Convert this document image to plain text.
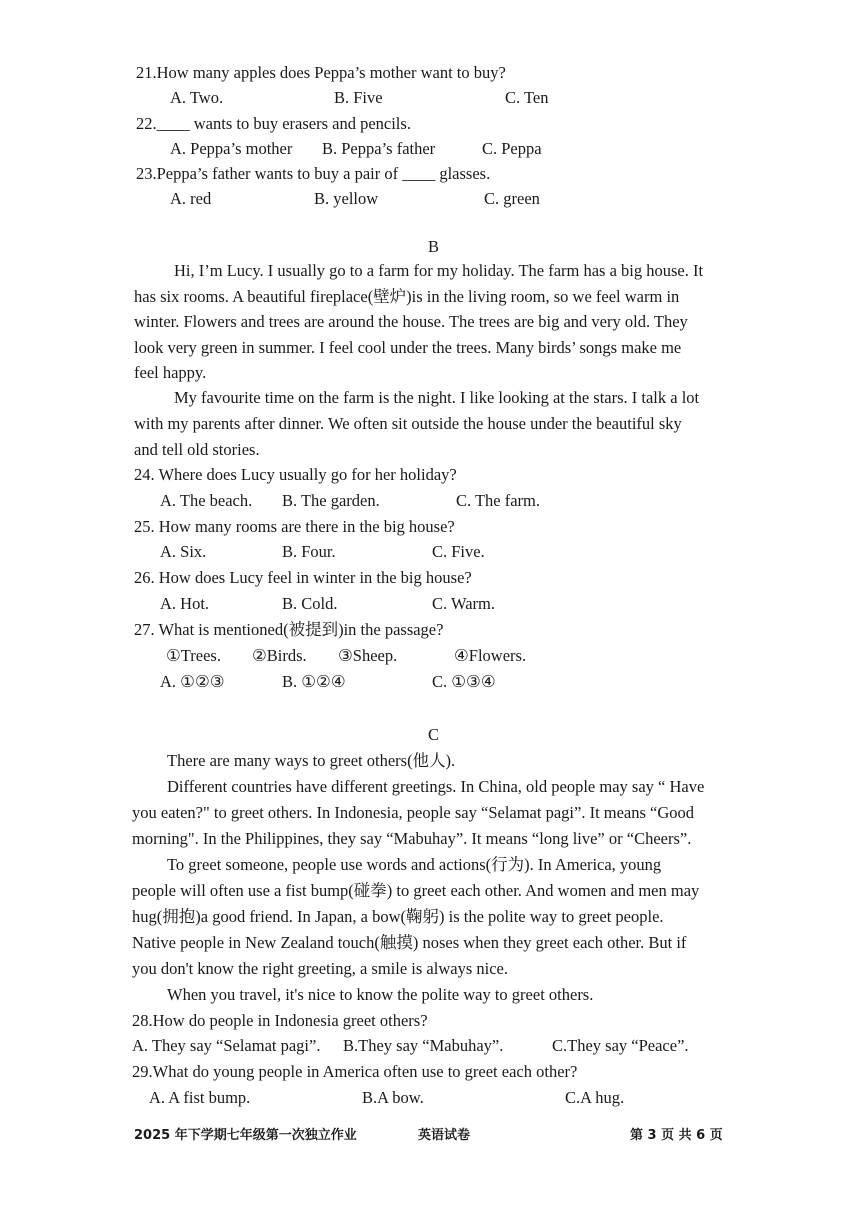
21.How many apples does Peppa’s mother want to buy?
A. Two.	B. Five	C. Ten
22.____ wants to buy erasers and pencils.
A. Peppa’s mother B. Peppa’s father	C. Peppa
23.Peppa’s father wants to buy a pair of ____ glasses.
A. red	B. yellow	C. green
B
Hi, I’m Lucy. I usually go to a farm for my holiday. The farm has a big house. It
has six rooms. A beautiful fireplace(壁炉)is in the living room, so we feel warm in
winter. Flowers and trees are around the house. The trees are big and very old. They
look very green in summer. I feel cool under the trees. Many birds’ songs make me
feel happy.
My favourite time on the farm is the night. I like looking at the stars. I talk a lot
with my parents after dinner. We often sit outside the house under the beautiful sky
and tell old stories.
24. Where does Lucy usually go for her holiday?
A. The beach. B. The garden.	C. The farm.
25. How many rooms are there in the big house?
A. Six.	B. Four.	C. Five.
26. How does Lucy feel in winter in the big house?
A. Hot.	B. Cold.	C. Warm.
27. What is mentioned(被提到)in the passage?
①Trees. ②Birds. ③Sheep.	④Flowers.
A. ①②③	B. ①②④	C. ①③④
C
There are many ways to greet others(他人).
Different countries have different greetings. In China, old people may say “ Have
you eaten?" to greet others. In Indonesia, people say “Selamat pagi”. It means “Good
morning". In the Philippines, they say “Mabuhay”. It means “long live” or “Cheers”.
To greet someone, people use words and actions(行为). In America, young
people will often use a fist bump(碰拳) to greet each other. And women and men may
hug(拥抱)a good friend. In Japan, a bow(鞠躬) is the polite way to greet people.
Native people in New Zealand touch(触摸) noses when they greet each other. But if
you don't know the right greeting, a smile is always nice.
When you travel, it's nice to know the polite way to greet others.
28.How do people in Indonesia greet others?
A. They say “Selamat pagi”. B.They say “Mabuhay”.	C.They say “Peace”.
29.What do young people in America often use to greet each other?
A. A fist bump.	B.A bow.	C.A hug.
2025 年下学期七年级第一次独立作业	英语试卷	第 3 页 共 6 页
